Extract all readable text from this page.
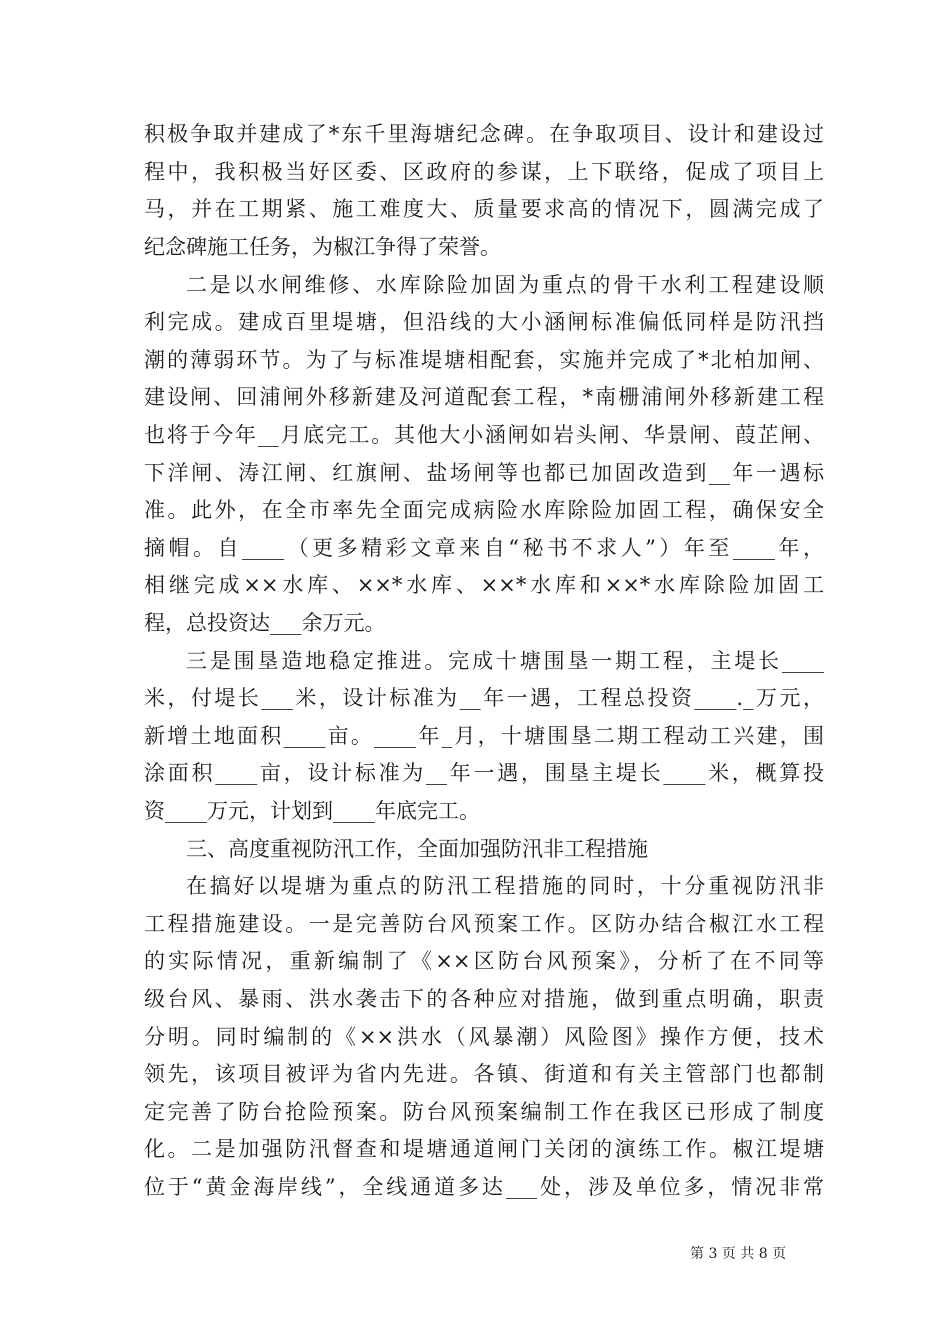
积极争取并建成了*东千里海塘纪念碑。在争取项目、设计和建设过
程中，我积极当好区委、区政府的参谋，上下联络，促成了项目上
马，并在工期紧、施工难度大、质量要求高的情况下，圆满完成了
纪念碑施工任务，为椒江争得了荣誉。
二是以水闸维修、水库除险加固为重点的骨干水利工程建设顺
利完成。建成百里堤塘，但沿线的大小涵闸标准偏低同样是防汛挡
潮的薄弱环节。为了与标准堤塘相配套，实施并完成了*北柏加闸、
建设闸、回浦闸外移新建及河道配套工程，*南栅浦闸外移新建工程
也将于今年__月底完工。其他大小涵闸如岩头闸、华景闸、葭芷闸、
下洋闸、涛江闸、红旗闸、盐场闸等也都已加固改造到__年一遇标
准。此外，在全市率先全面完成病险水库除险加固工程，确保安全
摘帽。自____（更多精彩文章来自“秘书不求人”）年至____年，
相继完成××水库、××*水库、××*水库和××*水库除险加固工
程，总投资达___余万元。
三是围垦造地稳定推进。完成十塘围垦一期工程，主堤长____
米，付堤长___米，设计标准为__年一遇，工程总投资____._万元，
新增土地面积____亩。____年_月，十塘围垦二期工程动工兴建，围
涂面积____亩，设计标准为__年一遇，围垦主堤长____米，概算投
资____万元，计划到____年底完工。
三、高度重视防汛工作，全面加强防汛非工程措施
在搞好以堤塘为重点的防汛工程措施的同时，十分重视防汛非
工程措施建设。一是完善防台风预案工作。区防办结合椒江水工程
的实际情况，重新编制了《××区防台风预案》，分析了在不同等
级台风、暴雨、洪水袭击下的各种应对措施，做到重点明确，职责
分明。同时编制的《××洪水（风暴潮）风险图》操作方便，技术
领先，该项目被评为省内先进。各镇、街道和有关主管部门也都制
定完善了防台抢险预案。防台风预案编制工作在我区已形成了制度
化。二是加强防汛督查和堤塘通道闸门关闭的演练工作。椒江堤塘
位于“黄金海岸线”，全线通道多达___处，涉及单位多，情况非常
第 3 页 共 8 页
